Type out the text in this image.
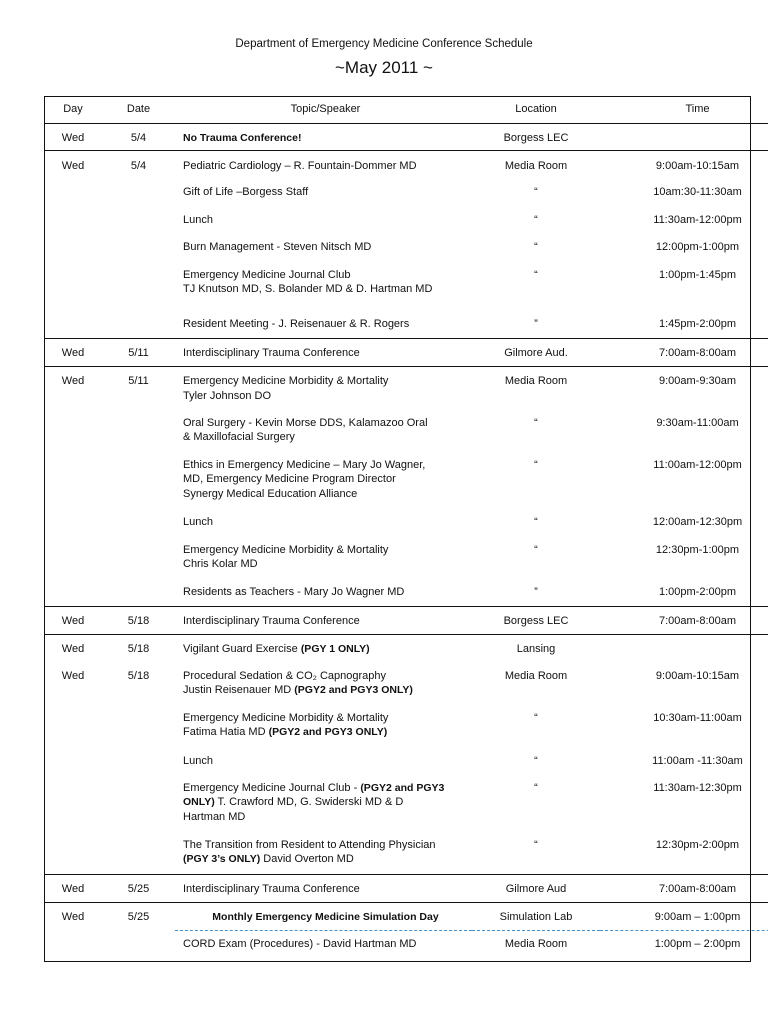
Department of Emergency Medicine Conference Schedule
~May 2011 ~
Day	Date	Topic/Speaker	Location	Time
Wed	5/4	No Trauma Conference!	Borgess LEC	
Wed	5/4	Pediatric Cardiology – R. Fountain-Dommer MD	Media Room	9:00am-10:15am

		Gift of Life –Borgess Staff	“	10am:30-11:30am

		Lunch	“	11:30am-12:00pm

		Burn Management - Steven Nitsch MD	“	12:00pm-1:00pm

		Emergency Medicine Journal Club
TJ Knutson MD, S. Bolander MD & D. Hartman MD	“	1:00pm-1:45pm

		Resident Meeting - J. Reisenauer & R. Rogers	”	1:45pm-2:00pm
Wed	5/11	Interdisciplinary Trauma Conference	Gilmore Aud.	7:00am-8:00am
Wed	5/11	Emergency Medicine Morbidity & Mortality
Tyler Johnson DO	Media Room	9:00am-9:30am

		Oral Surgery - Kevin Morse DDS, Kalamazoo Oral
& Maxillofacial Surgery	“	9:30am-11:00am

		Ethics in Emergency Medicine – Mary Jo Wagner,
MD, Emergency Medicine Program Director
Synergy Medical Education Alliance	“	11:00am-12:00pm

		Lunch	“	12:00am-12:30pm

		Emergency Medicine Morbidity & Mortality
Chris Kolar MD	“	12:30pm-1:00pm

		Residents as Teachers - Mary Jo Wagner MD	”	1:00pm-2:00pm
Wed	5/18	Interdisciplinary Trauma Conference	Borgess LEC	7:00am-8:00am
Wed	5/18	Vigilant Guard Exercise (PGY 1 ONLY)	Lansing	
Wed	5/18	Procedural Sedation & CO₂ Capnography
Justin Reisenauer MD (PGY2 and PGY3 ONLY)	Media Room	9:00am-10:15am

		Emergency Medicine Morbidity & Mortality
Fatima Hatia MD (PGY2 and PGY3 ONLY)	“	10:30am-11:00am

		Lunch	“	11:00am -11:30am

		Emergency Medicine Journal Club - (PGY2 and PGY3
ONLY) T. Crawford MD, G. Swiderski MD & D
Hartman MD	“	11:30am-12:30pm

		The Transition from Resident to Attending Physician
(PGY 3’s ONLY) David Overton MD	“	12:30pm-2:00pm
Wed	5/25	Interdisciplinary Trauma Conference	Gilmore Aud	7:00am-8:00am
Wed	5/25	Monthly Emergency Medicine Simulation Day	Simulation Lab	9:00am – 1:00pm

		CORD Exam (Procedures) - David Hartman MD	Media Room	1:00pm – 2:00pm
